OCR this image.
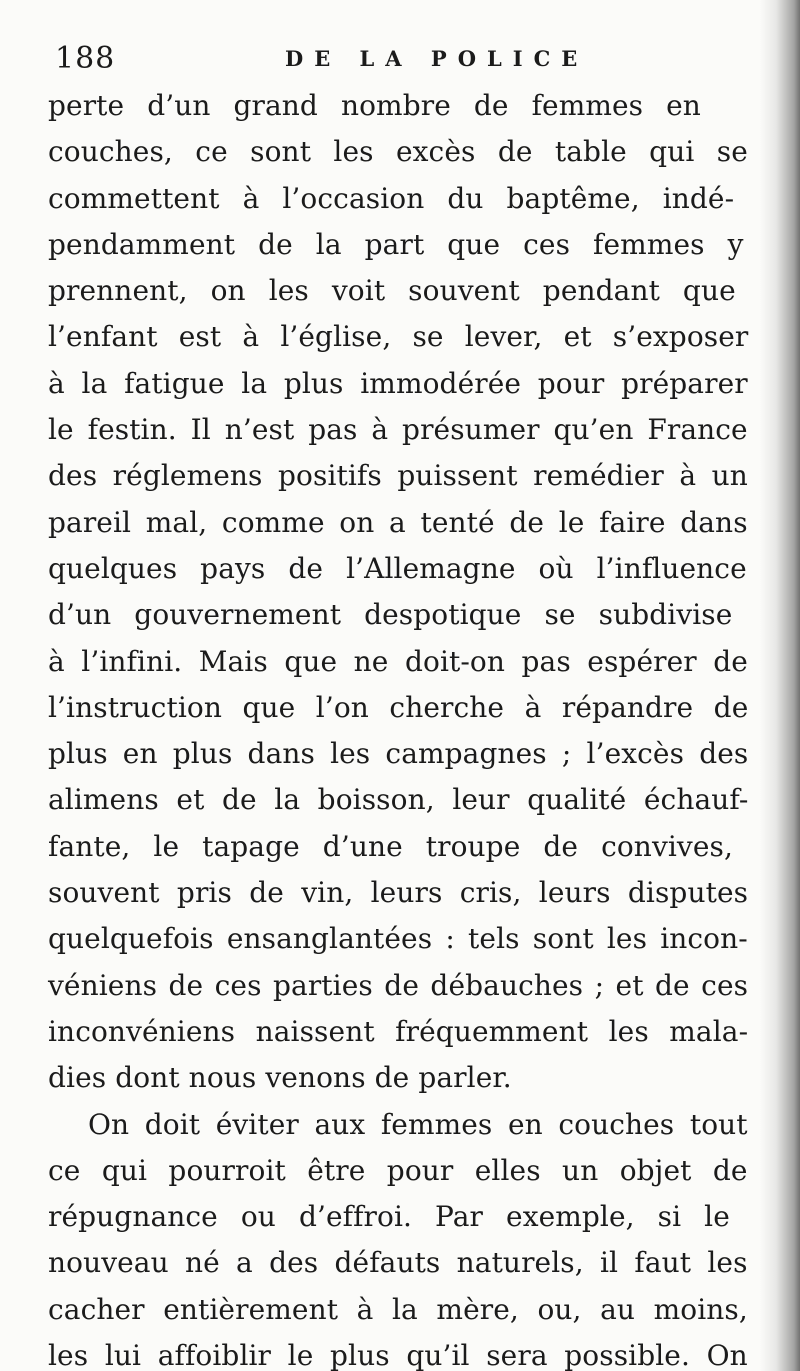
188	DE LA POLICE
perte d’un grand nombre de femmes en
couches, ce sont les excès de table qui se
commettent à l’occasion du baptême, indé-
pendamment de la part que ces femmes y
prennent, on les voit souvent pendant que
l’enfant est à l’église, se lever, et s’exposer
à la fatigue la plus immodérée pour préparer
le festin. Il n’est pas à présumer qu’en France
des réglemens positifs puissent remédier à un
pareil mal, comme on a tenté de le faire dans
quelques pays de l’Allemagne où l’influence
d’un gouvernement despotique se subdivise
à l’infini. Mais que ne doit-on pas espérer de
l’instruction que l’on cherche à répandre de
plus en plus dans les campagnes ; l’excès des
alimens et de la boisson, leur qualité échauf-
fante, le tapage d’une troupe de convives,
souvent pris de vin, leurs cris, leurs disputes
quelquefois ensanglantées : tels sont les incon-
véniens de ces parties de débauches ; et de ces
inconvéniens naissent fréquemment les mala-
dies dont nous venons de parler.
On doit éviter aux femmes en couches tout
ce qui pourroit être pour elles un objet de
répugnance ou d’effroi. Par exemple, si le
nouveau né a des défauts naturels, il faut les
cacher entièrement à la mère, ou, au moins,
les lui affoiblir le plus qu’il sera possible. On
